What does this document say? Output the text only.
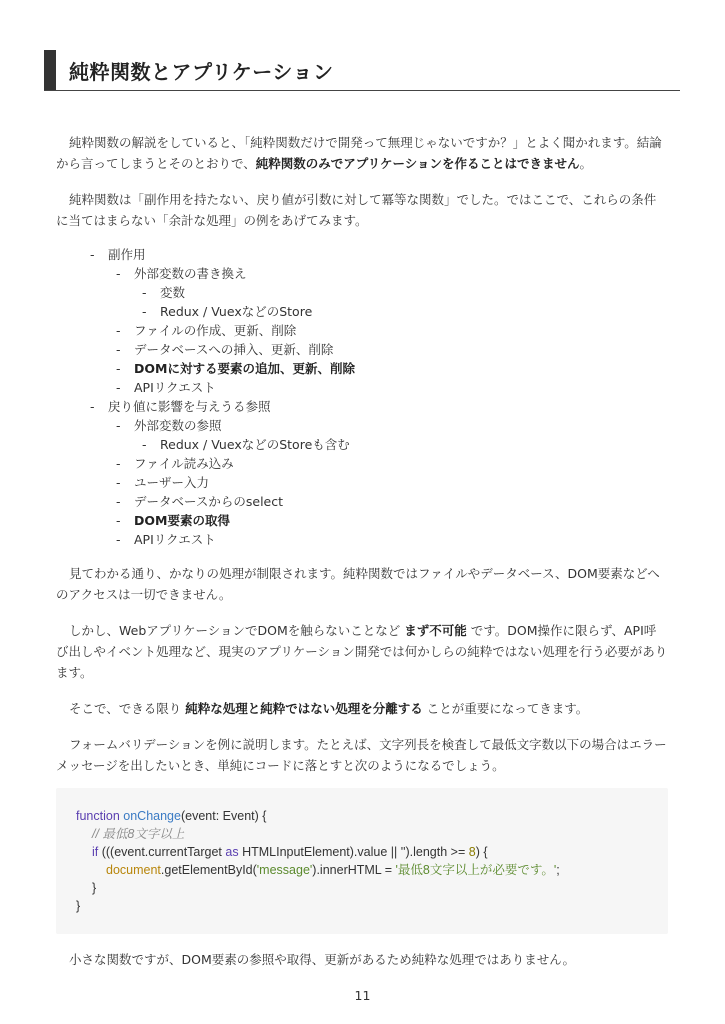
純粋関数とアプリケーション

純粋関数の解説をしていると、「純粋関数だけで開発って無理じゃないですか？」とよく聞かれます。結論から言ってしまうとそのとおりで、純粋関数のみでアプリケーションを作ることはできません。

純粋関数は「副作用を持たない、戻り値が引数に対して冪等な関数」でした。ではここで、これらの条件に当てはまらない「余計な処理」の例をあげてみます。

- 副作用
- 外部変数の書き換え
- 変数
- Redux / VuexなどのStore
- ファイルの作成、更新、削除
- データベースへの挿入、更新、削除
- DOMに対する要素の追加、更新、削除
- APIリクエスト
- 戻り値に影響を与えうる参照
- 外部変数の参照
- Redux / VuexなどのStoreも含む
- ファイル読み込み
- ユーザー入力
- データベースからのselect
- DOM要素の取得
- APIリクエスト

見てわかる通り、かなりの処理が制限されます。純粋関数ではファイルやデータベース、DOM要素などへのアクセスは一切できません。

しかし、WebアプリケーションでDOMを触らないことなど まず不可能 です。DOM操作に限らず、API呼び出しやイベント処理など、現実のアプリケーション開発では何かしらの純粋ではない処理を行う必要があります。

そこで、できる限り 純粋な処理と純粋ではない処理を分離する ことが重要になってきます。

フォームバリデーションを例に説明します。たとえば、文字列長を検査して最低文字数以下の場合はエラーメッセージを出したいとき、単純にコードに落とすと次のようになるでしょう。

function onChange(event: Event) {
// 最低8文字以上
if (((event.currentTarget as HTMLInputElement).value || '').length >= 8) {
document.getElementById('message').innerHTML = '最低8文字以上が必要です。';
}
}

小さな関数ですが、DOM要素の参照や取得、更新があるため純粋な処理ではありません。

11
